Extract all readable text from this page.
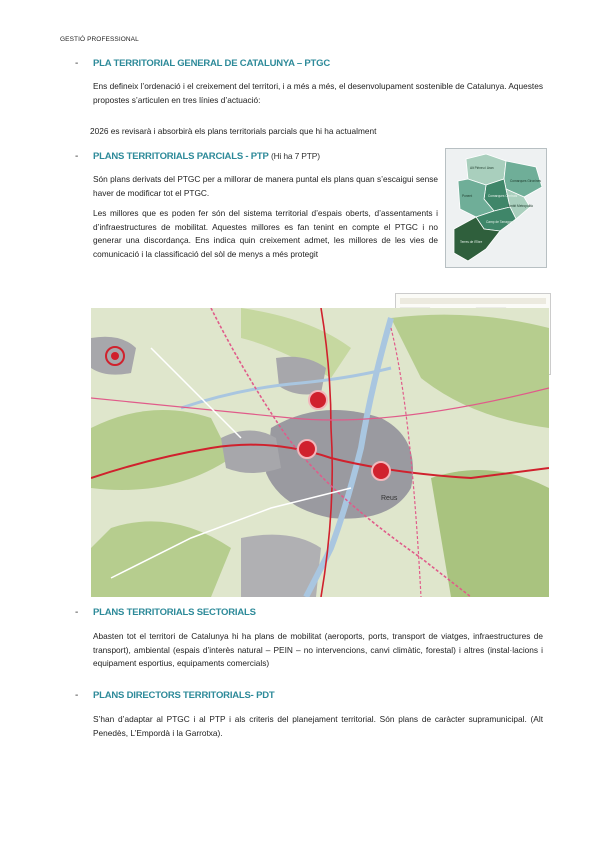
GESTIÓ PROFESSIONAL
- PLA TERRITORIAL GENERAL DE CATALUNYA – PTGC

Ens defineix l’ordenació i el creixement del territori, i a més a més, el desenvolupament sostenible de Catalunya. Aquestes propostes s’articulen en tres línies d’actuació:

2026 es revisarà i absorbirà els plans territorials parcials que hi ha actualment
- PLANS TERRITORIALS PARCIALS - PTP (Hi ha 7 PTP)

Són plans derivats del PTGC per a millorar de manera puntal els plans quan s’escaigui sense haver de modificar tot el PTGC.

Les millores que es poden fer són del sistema territorial d’espais oberts, d’assentaments i d’infraestructures de mobilitat. Aquestes millores es fan tenint en compte el PTGC i no generar una discordança. Ens indica quin creixement admet, les millores de les vies de comunicació i la classificació del sòl de menys a més protegit

Alt Pirineu i Aran
Comarques Gironines
Comarques Centrals
Àmbit Metropolità
Camp de Tarragona
Ponent
Terres de l'Ebre
Reus
- PLANS TERRITORIALS SECTORIALS

Abasten tot el territori de Catalunya hi ha plans de mobilitat (aeroports, ports, transport de viatges, infraestructures de transport), ambiental (espais d’interès natural – PEIN – no intervencions, canvi climàtic, forestal) i altres (instal·lacions i equipament esportius, equipaments comercials)

- PLANS DIRECTORS TERRITORIALS- PDT

S’han d’adaptar al PTGC i al PTP i als criteris del planejament territorial. Són plans de caràcter supramunicipal. (Alt Penedès, L’Empordà i la Garrotxa).
